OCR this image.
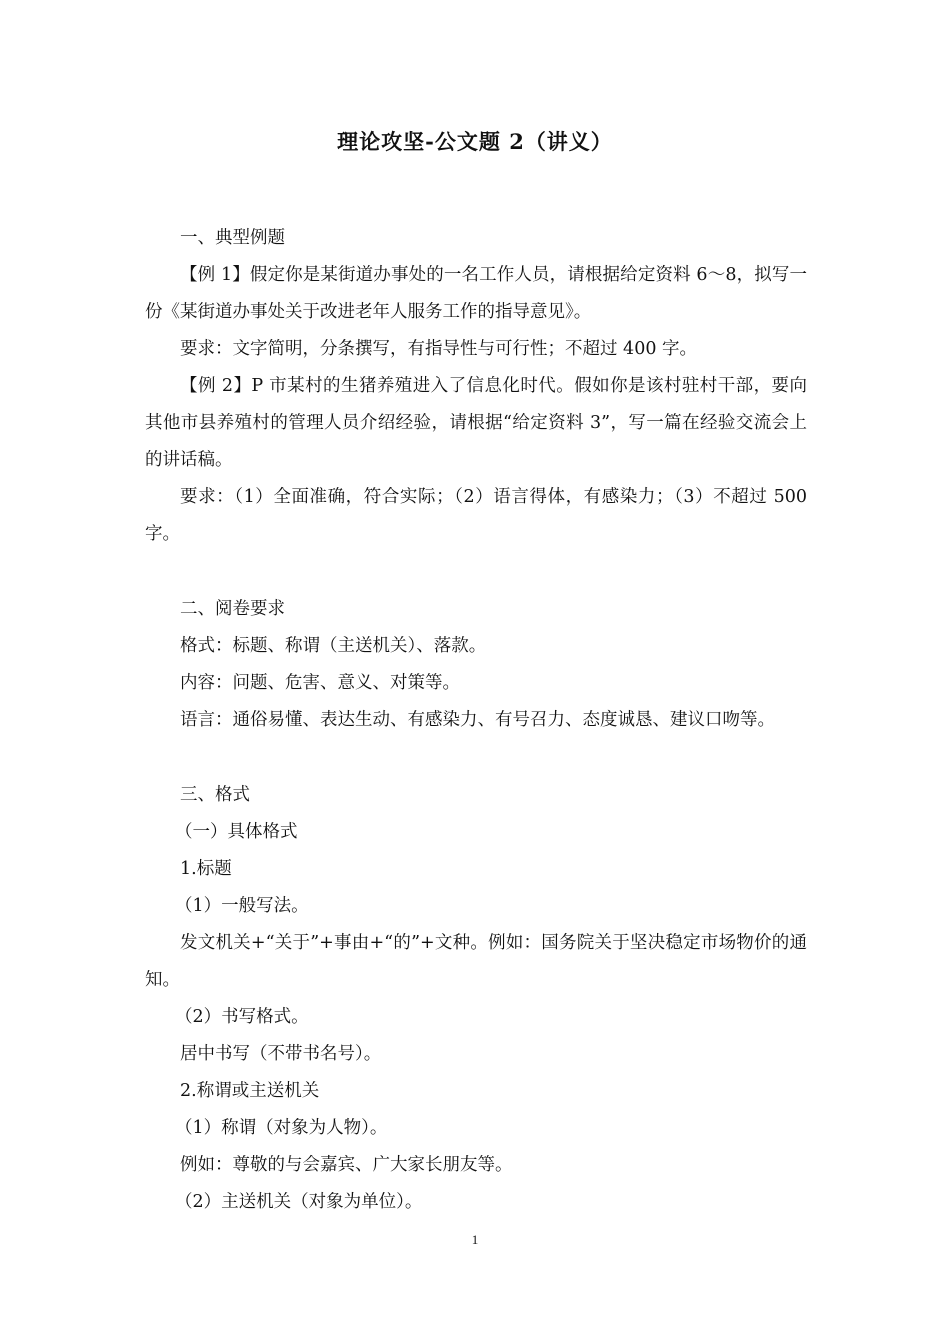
理论攻坚-公文题 2（讲义）

一、典型例题

【例 1】假定你是某街道办事处的一名工作人员，请根据给定资料 6～8，拟写一份《某街道办事处关于改进老年人服务工作的指导意见》。

要求：文字简明，分条撰写，有指导性与可行性；不超过 400 字。

【例 2】P 市某村的生猪养殖进入了信息化时代。假如你是该村驻村干部，要向其他市县养殖村的管理人员介绍经验，请根据“给定资料 3”，写一篇在经验交流会上的讲话稿。

要求：（1）全面准确，符合实际；（2）语言得体，有感染力；（3）不超过 500 字。

二、阅卷要求

格式：标题、称谓（主送机关）、落款。

内容：问题、危害、意义、对策等。

语言：通俗易懂、表达生动、有感染力、有号召力、态度诚恳、建议口吻等。

三、格式

（一）具体格式

1.标题

（1）一般写法。

发文机关+“关于”+事由+“的”+文种。例如：国务院关于坚决稳定市场物价的通知。

（2）书写格式。

居中书写（不带书名号）。

2.称谓或主送机关

（1）称谓（对象为人物）。

例如：尊敬的与会嘉宾、广大家长朋友等。

（2）主送机关（对象为单位）。

1
